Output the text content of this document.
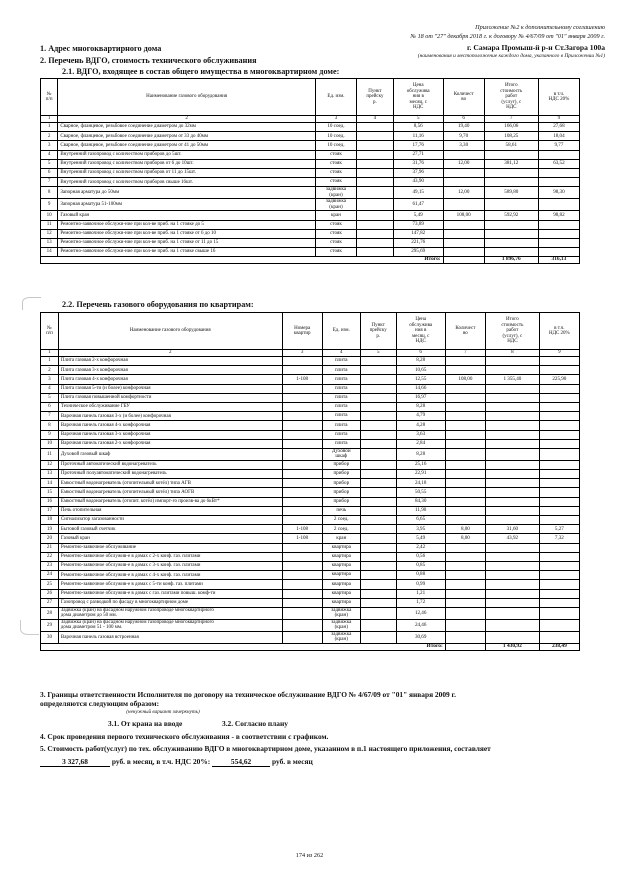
Приложение №2 к дополнительному соглашению
№ 18 от "27" декабря 2018 г. к договору № 4/67/09 от "01" января 2009 г.
г. Самара Промыш-й р-н Ст.Загора 100а
(наименования и местоположение каждого дома, указанного в Приложении №1)
1. Адрес многоквартирного дома
2. Перечень ВДГО, стоимость технического обслуживания
2.1. ВДГО, входящее в состав общего имущества в многоквартирном доме:
2.2. Перечень газового оборудования по квартирам:
№
п/п	Наименование газового оборудования	Ед. изм.	Пункт
прейску
р.	Цена
обслужива
ния в
месяц, с
НДС	Количест
во	Итого
стоимость
работ
(услуг), с
НДС	в т.ч.
НДС 20%
1	2	3	4	5	6	7	9
1	Сварное, фланцевое, резьбовое соединение диаметром до 32мм	10 соед.		8,56	19,40	166,06	27,68
2	Сварное, фланцевое, резьбовое соединение диаметром от 33 до 40мм	10 соед.		11,16	9,70	108,25	18,04
3	Сварное, фланцевое, резьбовое соединение диаметром от 41 до 50мм	10 соед.		17,76	3,30	58,61	9,77
4	Внутренний газопровод с количеством приборов до 5шт.	стояк		27,71			
5	Внутренний газопровод с количеством приборов от 6 до 10шт.	стояк		31,76	12,00	381,12	63,52
6	Внутренний газопровод с количеством приборов от 11 до 15шт.	стояк		37,96			
7	Внутренний газопровод с количеством приборов свыше 16шт.	стояк		43,90			
8	Запорная арматура до 50мм	задвижка
(кран)		49,15	12,00	589,80	98,30
9	Запорная арматура 51-100мм	задвижка
(кран)		61,47			
10	Газовый кран	кран		5,49	108,00	592,92	98,82
11	Ремонтно-заявочное обслужи-ние при кол-ве приб. на 1 стояке до 5	стояк		73,89			
12	Ремонтно-заявочное обслужи-ние при кол-ве приб. на 1 стояке от 6 до 10	стояк		147,82			
13	Ремонтно-заявочное обслужи-ние при кол-ве приб. на 1 стояке от 11 до 15	стояк		221,76			
14	Ремонтно-заявочное обслужи-ние при кол-ве приб. на 1 стояке свыше 16	стояк		295,69			
Итого:						1 896,76	316,13
№
п/п	Наименование газового оборудования	Номера
квартир	Ед. изм.	Пункт
прейску
р.	Цена
обслужива
ния в
месяц, с
НДС	Количест
во	Итого
стоимость
работ
(услуг), с
НДС	в т.ч.
НДС 20%
1	2	3	4	5	6	7	8	9
1	Плита газовая 2-х конфорочная		плита		8,28			
2	Плита газовая 3-х конфорочная		плита		10,65			
3	Плита газовая 4-х конфорочная	1-108	плита		12,55	108,00	1 355,40	225,90
4	Плита газовая 5-ти (и более) конфорочная		плита		14,66			
5	Плита газовая повышенной комфортности		плита		16,97			
6	Техническое обслуживание ГБУ		плита		8,28			
7	Варочная панель газовая 3-х (и более) конфорочная		плита		4,79			
8	Варочная панель газовая 4-х конфорочная		плита		4,28			
9	Варочная панель газовая 3-х конфорочная		плита		3,63			
10	Варочная панель газовая 2-х конфорочная		плита		2,84			
11	Духовой газовый шкаф		Духовой
шкаф		8,28			
12	Проточный автоматический водонагреватель		прибор		25,16			
13	Проточный полуавтоматический водонагреватель		прибор		22,91			
14	Емкостный водонагреватель (отопительный котёл) типа АГВ		прибор		24,18			
15	Емкостный водонагреватель (отопительный котёл) типа АОГВ		прибор		50,55			
16	Емкостный водонагреватель (отопит. котёл) импорт-го произв-ва до 6кВт*		прибор		84,30			
17	Печь отопительная		печь		11,90			
18	Сигнализатор загазованности		2 соед.		6,65			
19	Бытовой газовый счетчик	1-108	2 соед.		3,95	8,00	31,60	5,27
20	Газовый кран	1-108	кран		5,49	8,00	43,92	7,32
21	Ремонтно-заявочное обслуживание		квартира		2,42			
22	Ремонтно-заявочное обслужив-е в домах с 2-х конф. газ. плитами		квартира		0,56			
23	Ремонтно-заявочное обслужив-е в домах с 3-х конф. газ. плитами		квартира		0,85			
24	Ремонтно-заявочное обслужив-е в домах с 4-х конф. газ. плитами		квартира		0,88			
25	Ремонтно-заявочное обслужив-е в домах с 5-ти конф. газ. плитами		квартира		0,99			
26	Ремонтно-заявочное обслужив-е в домах с газ. плитами повыш. комф-ти		квартира		1,21			
27	Газопровод с разводкой по фасаду в многоквартирном доме		квартира		1,72			
28	Задвижка (кран) на фасадном наружном газопроводе многоквартирного
дома диаметром до 50 мм.		задвижка
(кран)		12,46			
29	Задвижка (кран) на фасадном наружном газопроводе многоквартирного
дома диаметром 51 - 100 мм.		задвижка
(кран)		24,46			
30	Варочная панель газовая встроенная		задвижка
(кран)		30,69			
Итого:							1 430,92	238,49
3. Границы ответственности Исполнителя по договору на техническое обслуживание ВДГО № 4/67/09 от "01" января 2009 г.
определяются следующим образом:
(ненужный вариант зачеркнуть)
3.1. От крана на вводе	3.2. Согласно плану
4. Срок проведения первого технического обслуживания - в соответствии с графиком.
5. Стоимость работ(услуг) по тех. обслуживанию ВДГО в многоквартирном доме, указанном в п.1 настоящего приложения, составляет
3 327,68	руб. в месяц, в т.ч. НДС 20%:	554,62	руб. в месяц
174 из 262
